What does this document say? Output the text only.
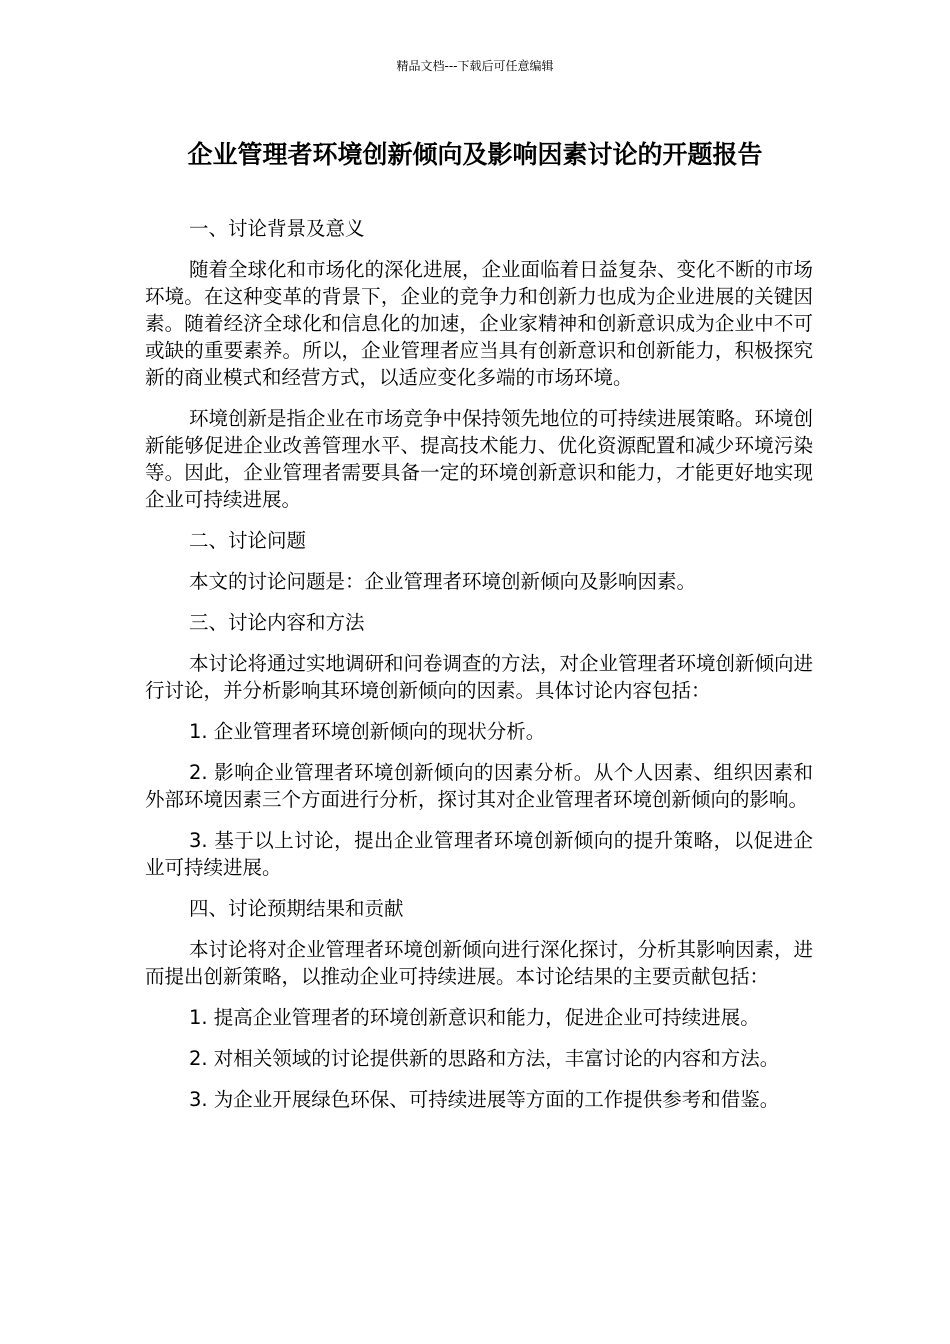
精品文档---下载后可任意编辑
企业管理者环境创新倾向及影响因素讨论的开题报告

一、讨论背景及意义

随着全球化和市场化的深化进展，企业面临着日益复杂、变化不断的市场环境。在这种变革的背景下，企业的竞争力和创新力也成为企业进展的关键因素。随着经济全球化和信息化的加速，企业家精神和创新意识成为企业中不可或缺的重要素养。所以，企业管理者应当具有创新意识和创新能力，积极探究新的商业模式和经营方式，以适应变化多端的市场环境。

环境创新是指企业在市场竞争中保持领先地位的可持续进展策略。环境创新能够促进企业改善管理水平、提高技术能力、优化资源配置和减少环境污染等。因此，企业管理者需要具备一定的环境创新意识和能力，才能更好地实现企业可持续进展。

二、讨论问题

本文的讨论问题是：企业管理者环境创新倾向及影响因素。

三、讨论内容和方法

本讨论将通过实地调研和问卷调查的方法，对企业管理者环境创新倾向进行讨论，并分析影响其环境创新倾向的因素。具体讨论内容包括：

1. 企业管理者环境创新倾向的现状分析。

2. 影响企业管理者环境创新倾向的因素分析。从个人因素、组织因素和外部环境因素三个方面进行分析，探讨其对企业管理者环境创新倾向的影响。

3. 基于以上讨论，提出企业管理者环境创新倾向的提升策略，以促进企业可持续进展。

四、讨论预期结果和贡献

本讨论将对企业管理者环境创新倾向进行深化探讨，分析其影响因素，进而提出创新策略，以推动企业可持续进展。本讨论结果的主要贡献包括：

1. 提高企业管理者的环境创新意识和能力，促进企业可持续进展。

2. 对相关领域的讨论提供新的思路和方法，丰富讨论的内容和方法。

3. 为企业开展绿色环保、可持续进展等方面的工作提供参考和借鉴。
